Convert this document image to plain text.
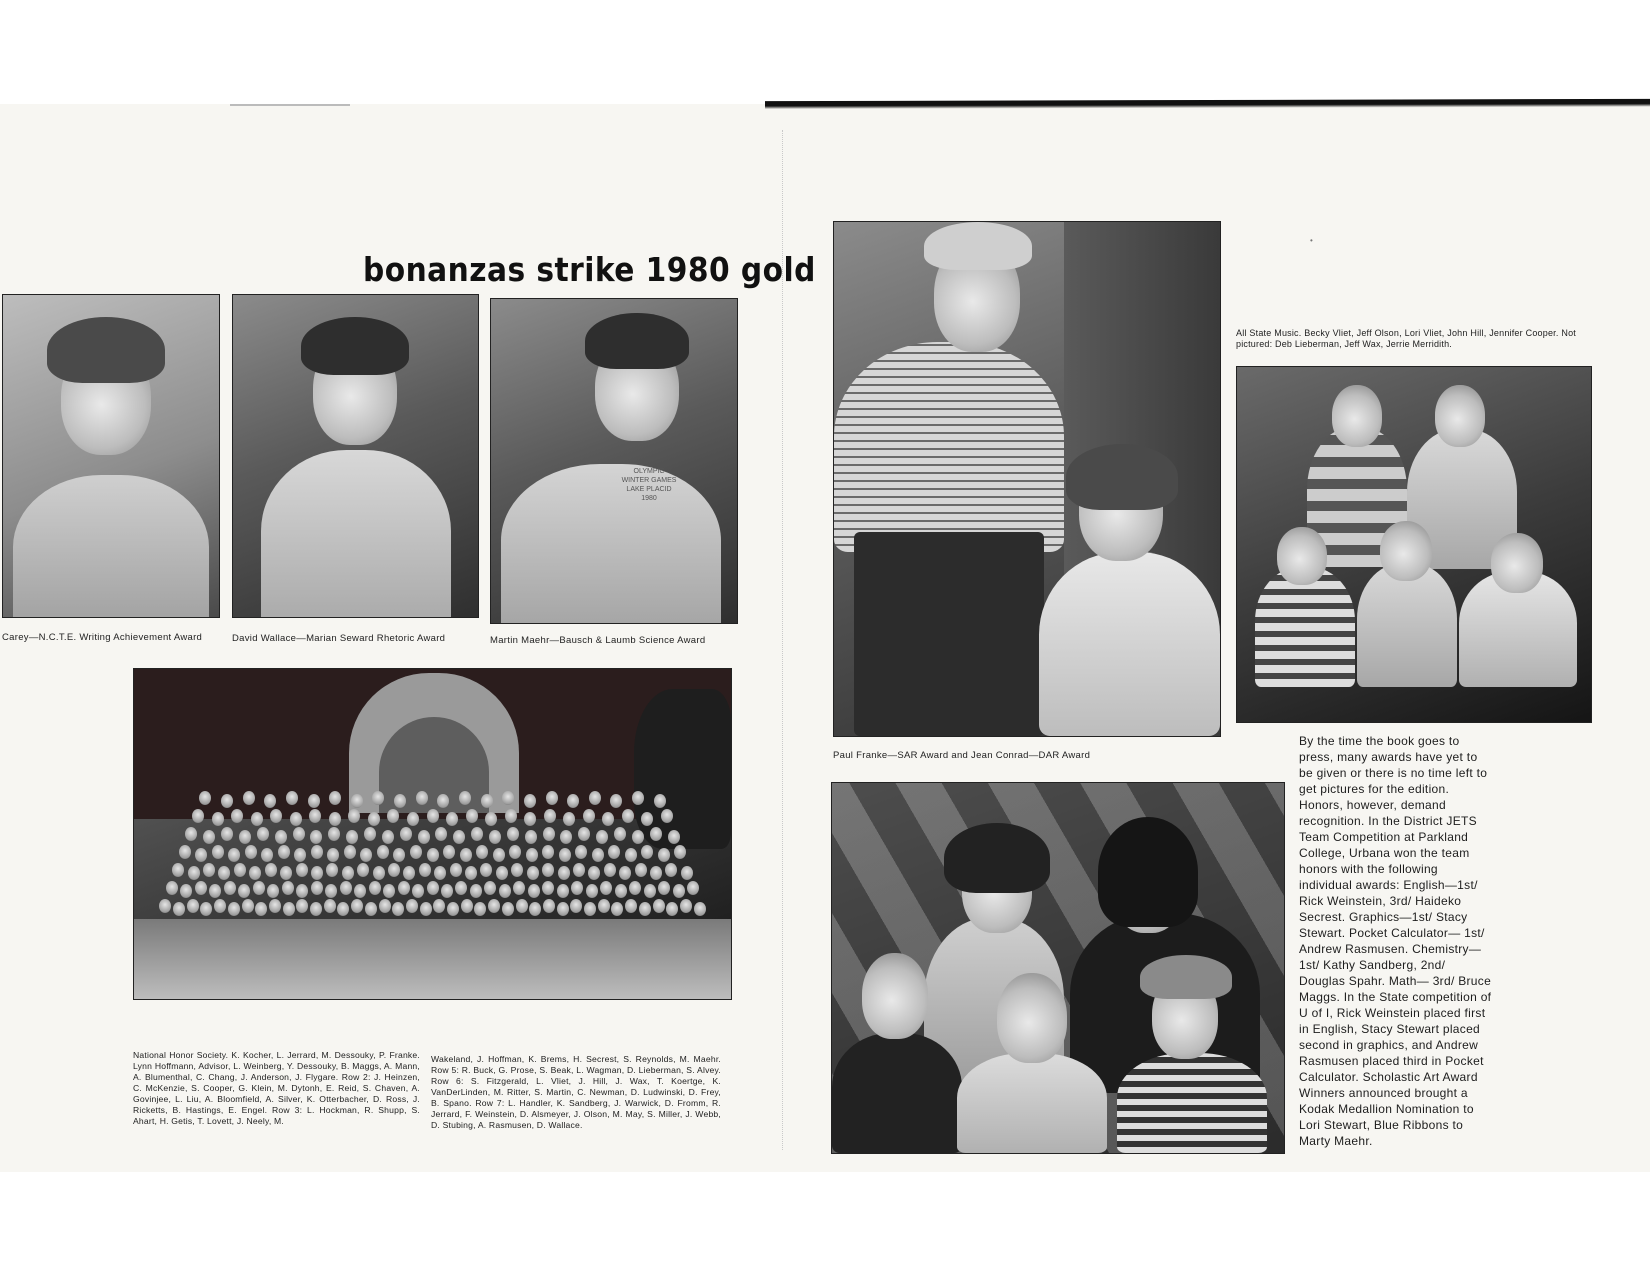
bonanzas strike 1980 gold
Carey—N.C.T.E. Writing Achievement Award	David Wallace—Marian Seward Rhetoric Award
OLYMPIC WINTER GAMES LAKE PLACID 1980
Martin Maehr—Bausch & Laumb Science Award
National Honor Society. K. Kocher, L. Jerrard, M. Dessouky, P. Franke. Lynn Hoffmann, Advisor, L. Weinberg, Y. Dessouky, B. Maggs, A. Mann, A. Blumenthal, C. Chang, J. Anderson, J. Flygare. Row 2: J. Heinzen, C. McKenzie, S. Cooper, G. Klein, M. Dytonh, E. Reid, S. Chaven, A. Govinjee, L. Liu, A. Bloomfield, A. Silver, K. Otterbacher, D. Ross, J. Ricketts, B. Hastings, E. Engel. Row 3: L. Hockman, R. Shupp, S. Ahart, H. Getis, T. Lovett, J. Neely, M.
Wakeland, J. Hoffman, K. Brems, H. Secrest, S. Reynolds, M. Maehr. Row 5: R. Buck, G. Prose, S. Beak, L. Wagman, D. Lieberman, S. Alvey. Row 6: S. Fitzgerald, L. Vliet, J. Hill, J. Wax, T. Koertge, K. VanDerLinden, M. Ritter, S. Martin, C. Newman, D. Ludwinski, D. Frey, B. Spano. Row 7: L. Handler, K. Sandberg, J. Warwick, D. Fromm, R. Jerrard, F. Weinstein, D. Alsmeyer, J. Olson, M. May, S. Miller, J. Webb, D. Stubing, A. Rasmusen, D. Wallace.
Paul Franke—SAR Award and Jean Conrad—DAR Award
All State Music. Becky Vliet, Jeff Olson, Lori Vliet, John Hill, Jennifer Cooper. Not pictured: Deb Lieberman, Jeff Wax, Jerrie Merridith.
By the time the book goes to press, many awards have yet to be given or there is no time left to get pictures for the edition. Honors, however, demand recognition. In the District JETS Team Competition at Parkland College, Urbana won the team honors with the following individual awards: English—1st/ Rick Weinstein, 3rd/ Haideko Secrest. Graphics—1st/ Stacy Stewart. Pocket Calculator— 1st/ Andrew Rasmusen. Chemistry—1st/ Kathy Sandberg, 2nd/ Douglas Spahr. Math— 3rd/ Bruce Maggs. In the State competition of U of I, Rick Weinstein placed first in English, Stacy Stewart placed second in graphics, and Andrew Rasmusen placed third in Pocket Calculator. Scholastic Art Award Winners announced brought a Kodak Medallion Nomination to Lori Stewart, Blue Ribbons to Marty Maehr.
•
